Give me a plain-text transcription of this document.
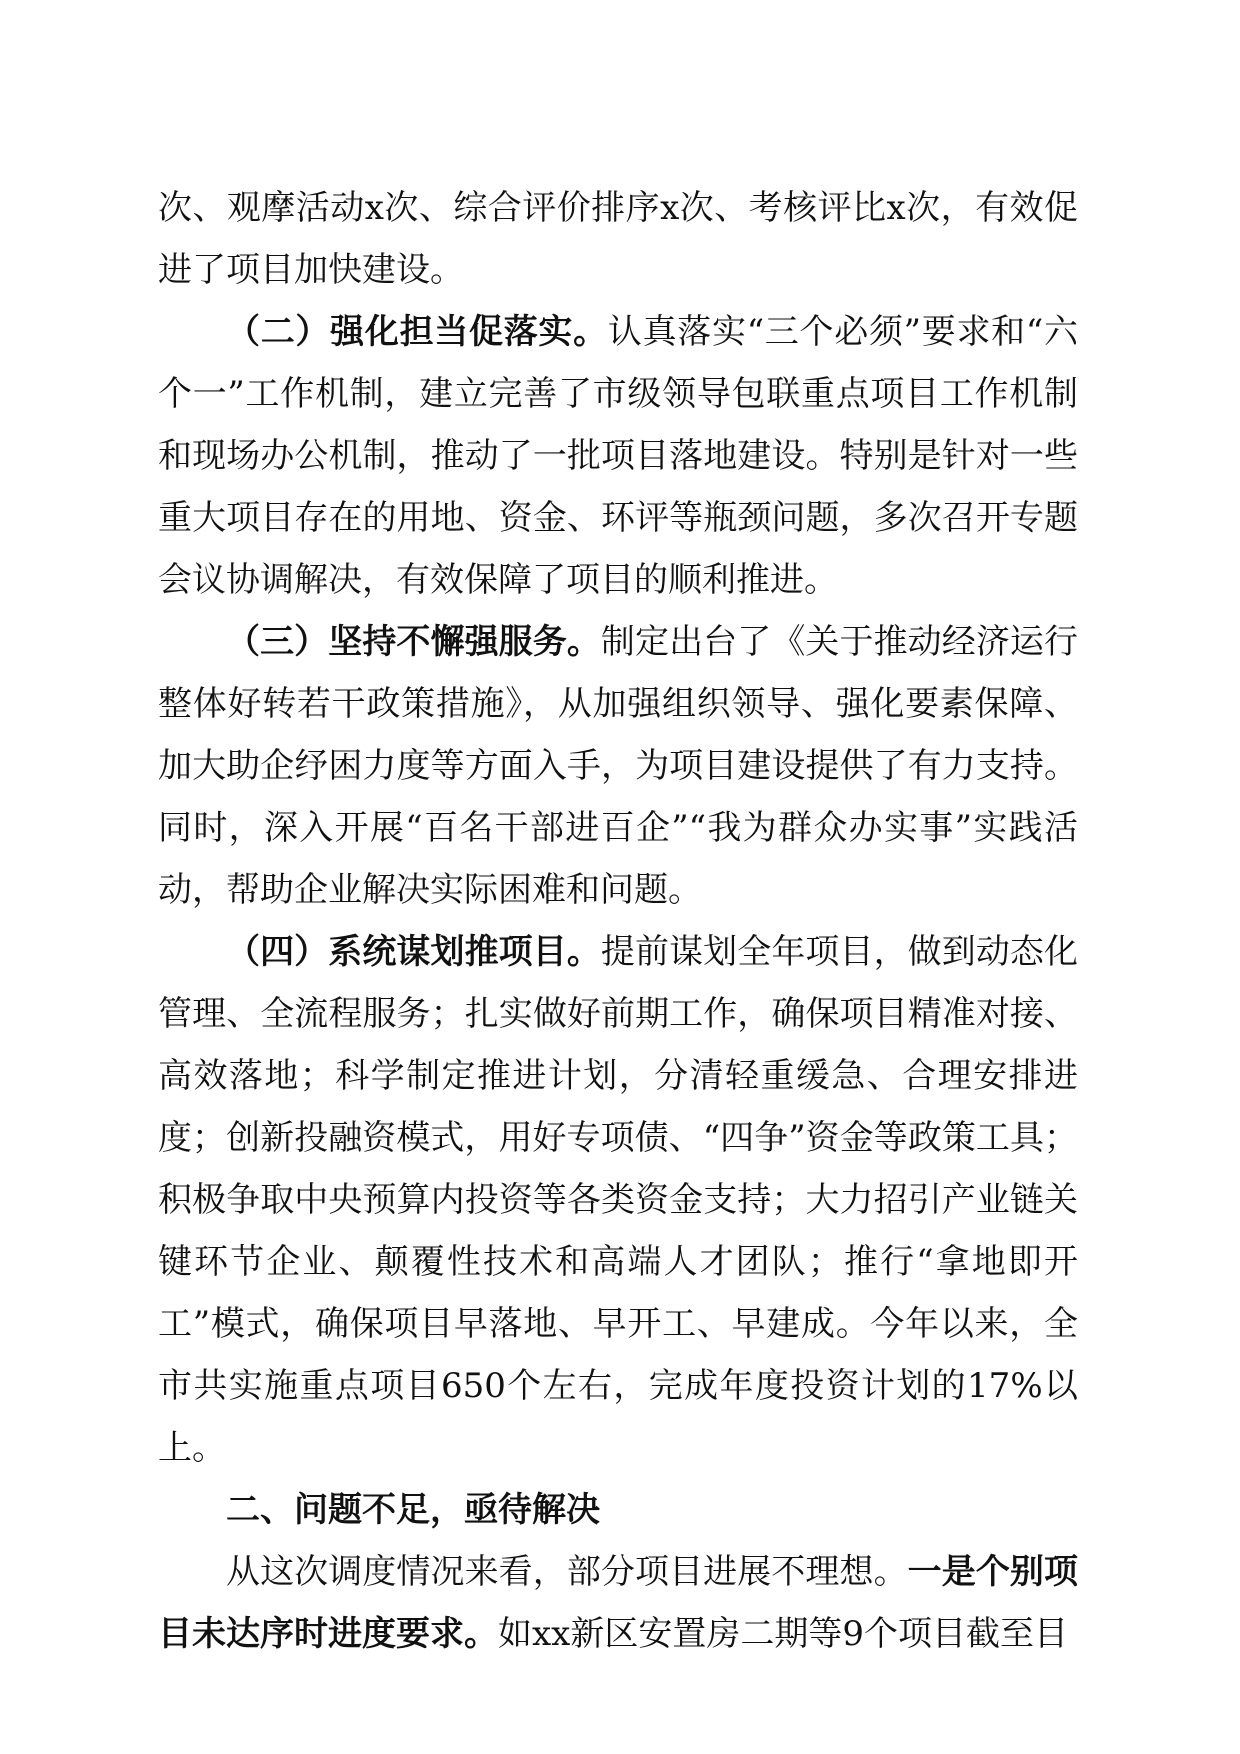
次、观摩活动x次、综合评价排序x次、考核评比x次，有效促进了项目加快建设。

（二）强化担当促落实。认真落实“三个必须”要求和“六个一”工作机制，建立完善了市级领导包联重点项目工作机制和现场办公机制，推动了一批项目落地建设。特别是针对一些重大项目存在的用地、资金、环评等瓶颈问题，多次召开专题会议协调解决，有效保障了项目的顺利推进。

（三）坚持不懈强服务。制定出台了《关于推动经济运行整体好转若干政策措施》，从加强组织领导、强化要素保障、加大助企纾困力度等方面入手，为项目建设提供了有力支持。同时，深入开展“百名干部进百企”“我为群众办实事”实践活动，帮助企业解决实际困难和问题。

（四）系统谋划推项目。提前谋划全年项目，做到动态化管理、全流程服务；扎实做好前期工作，确保项目精准对接、高效落地；科学制定推进计划，分清轻重缓急、合理安排进度；创新投融资模式，用好专项债、“四争”资金等政策工具；积极争取中央预算内投资等各类资金支持；大力招引产业链关键环节企业、颠覆性技术和高端人才团队；推行“拿地即开工”模式，确保项目早落地、早开工、早建成。今年以来，全市共实施重点项目650个左右，完成年度投资计划的17%以上。

二、问题不足，亟待解决

从这次调度情况来看，部分项目进展不理想。一是个别项目未达序时进度要求。如xx新区安置房二期等9个项目截至目
